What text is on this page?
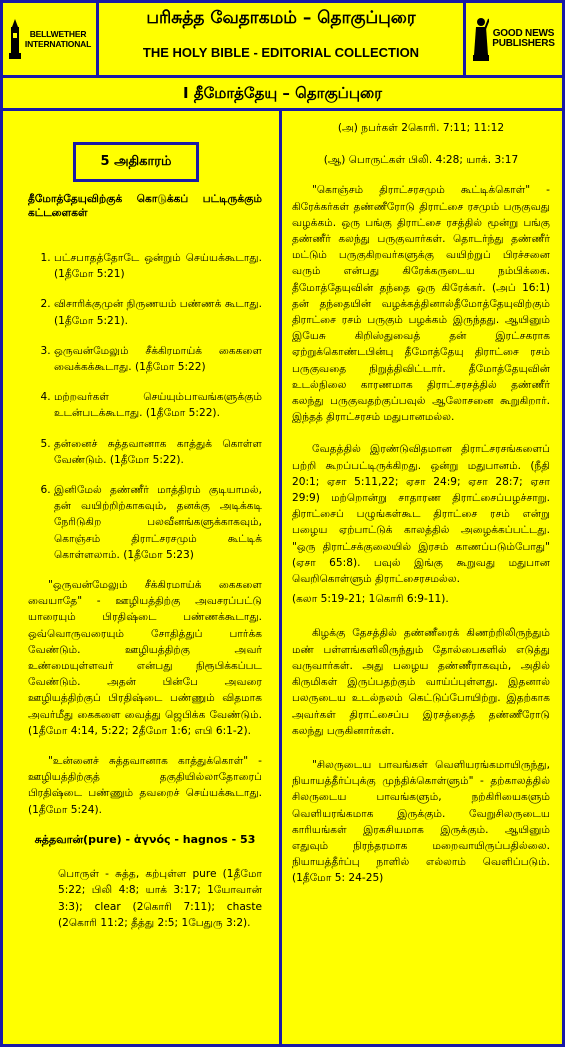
BELLWETHER
INTERNATIONAL
பரிசுத்த வேதாகமம் – தொகுப்புரை
THE HOLY BIBLE - EDITORIAL COLLECTION
GOOD NEWS
PUBLISHERS
I தீமோத்தேயு – தொகுப்புரை
5 அதிகாரம்

தீமோத்தேயுவிற்குக் கொடுக்கப் பட்டிருக்கும் கட்டளைகள்

1. பட்சபாதத்தோடே ஒன்றும் செய்யக்கூடாது. (1தீமோ 5:21)
2. விசாரிக்குமுன் நிருணயம் பண்ணக் கூடாது. (1தீமோ 5:21).
3. ஒருவன்மேலும் சீக்கிரமாய்க் கைகளை வைக்கக்கூடாது. (1தீமோ 5:22)
4. மற்றவர்கள் செய்யும்பாவங்களுக்கும் உடன்படக்கூடாது. (1தீமோ 5:22).
5. தன்னைச் சுத்தவானாக காத்துக் கொள்ள வேண்டும். (1தீமோ 5:22).
6. இனிமேல் தண்ணீர் மாத்திரம் குடியாமல், தன் வயிற்றிற்காகவும், தனக்கு அடிக்கடி நேரிடுகிற பலவீனங்களுக்காகவும், கொஞ்சம் திராட்சரசமும் கூட்டிக் கொள்ளலாம். (1தீமோ 5:23)

"ஒருவன்மேலும் சீக்கிரமாய்க் கைகளை வையாதே" - ஊழியத்திற்கு அவசரப்பட்டு யாரையும் பிரதிஷ்டை பண்ணக்கூடாது. ஒவ்வொருவரையும் சோதித்துப் பார்க்க வேண்டும். ஊழியத்திற்கு அவர் உண்மையுள்ளவர் என்பது நிரூபிக்கப்பட வேண்டும். அதன் பின்பே அவரை ஊழியத்திற்குப் பிரதிஷ்டை பண்ணும் விதமாக அவர்மீது கைகளை வைத்து ஜெபிக்க வேண்டும். (1தீமோ 4:14, 5:22; 2தீமோ 1:6; எபி 6:1-2).

"உன்னைச் சுத்தவானாக காத்துக்கொள்" - ஊழியத்திற்குத் தகுதியில்லாதோரைப் பிரதிஷ்டை பண்ணும் தவறைச் செய்யக்கூடாது. (1தீமோ 5:24).

சுத்தவான்(pure) - ἁγνός - hagnos - 53

பொருள் - சுத்த, கற்புள்ள pure (1தீமோ 5:22; பிலி 4:8; யாக் 3:17; 1யோவான் 3:3); clear (2கொரி 7:11); chaste (2கொரி 11:2; தீத்து 2:5; 1பேதுரு 3:2).

(அ) நபர்கள் 2கொரி. 7:11; 11:12

(ஆ) பொருட்கள் பிலி. 4:28; யாக். 3:17

"கொஞ்சம் திராட்சரசமும் கூட்டிக்கொள்" - கிரேக்கர்கள் தண்ணீரோடு திராட்சை ரசமும் பருகுவது வழக்கம். ஒரு பங்கு திராட்சை ரசத்தில் மூன்று பங்கு தண்ணீர் கலந்து பருகுவார்கள். தொடர்ந்து தண்ணீர் மட்டும் பருகுகிறவர்களுக்கு வயிற்றுப் பிரச்சனை வரும் என்பது கிரேக்கருடைய நம்பிக்கை. தீமோத்தேயுவின் தந்தை ஒரு கிரேக்கர். (அப் 16:1) தன் தந்தையின் வழக்கத்தினால்தீமோத்தேயுவிற்கும் திராட்சை ரசம் பருகும் பழக்கம் இருந்தது. ஆயினும் இயேசு கிறிஸ்துவைத் தன் இரட்சகராக ஏற்றுக்கொண்டபின்பு தீமோத்தேயு திராட்சை ரசம் பருகுவதை நிறுத்திவிட்டார். தீமோத்தேயுவின் உடல்நிலை காரணமாக திராட்சரசத்தில் தண்ணீர் கலந்து பருகுவதற்குப்பவுல் ஆலோசனை கூறுகிறார். இந்தத் திராட்சரசம் மதுபானமல்ல.

வேதத்தில் இரண்டுவிதமான திராட்சரசங்களைப் பற்றி கூறப்பட்டிருக்கிறது. ஒன்று மதுபானம். (நீதி 20:1; ஏசா 5:11,22; ஏசா 24:9; ஏசா 28:7; ஏசா 29:9) மற்றொன்று சாதாரண திராட்சைப்பழச்சாறு. திராட்சைப் பழுங்கள்கூட திராட்சை ரசம் என்று பழைய ஏற்பாட்டுக் காலத்தில் அழைக்கப்பட்டது. "ஒரு திராட்சக்குலையில் இரசம் காணப்படும்போது" (ஏசா 65:8). பவுல் இங்கு கூறுவது மதுபான வெறிகொள்ளும் திராட்சைரசமல்ல.

(கலா 5:19-21; 1கொரி 6:9-11).

கிழக்கு தேசத்தில் தண்ணீரைக் கிணற்றிலிருந்தும் மண் பள்ளங்களிலிருந்தும் தோல்பைகளில் எடுத்து வருவார்கள். அது பழைய தண்ணீராகவும், அதில் கிருமிகள் இருப்பதற்கும் வாய்ப்புள்ளது. இதனால் பலருடைய உடல்நலம் கெட்டுப்போயிற்று. இதற்காக அவர்கள் திராட்சைப்ப இரசத்தைத் தண்ணீரோடு கலந்து பருகினார்கள்.

"சிலருடைய பாவங்கள் வெளியரங்கமாயிருந்து, நியாயத்தீர்ப்புக்கு முந்திக்கொள்ளும்" - தற்காலத்தில் சிலருடைய பாவங்களும், நற்கிரியைகளும் வெளியரங்கமாக இருக்கும். வேறுசிலருடைய காரியங்கள் இரகசியமாக இருக்கும். ஆயினும் எதுவும் நிரந்தரமாக மறைவாயிருப்பதில்லை. நியாயத்தீர்ப்பு நாளில் எல்லாம் வெளிப்படும். (1தீமோ 5: 24-25)
